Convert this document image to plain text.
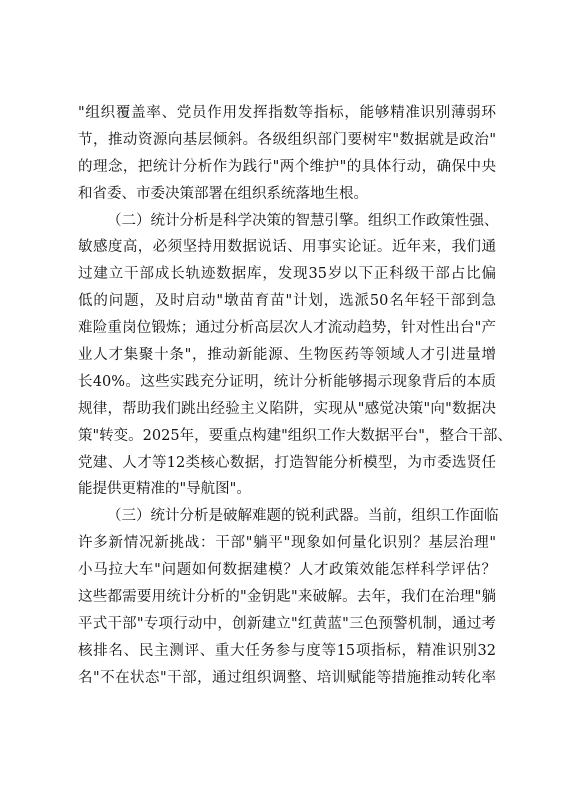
"组织覆盖率、党员作用发挥指数等指标，能够精准识别薄弱环
节，推动资源向基层倾斜。各级组织部门要树牢"数据就是政治"
的理念，把统计分析作为践行"两个维护"的具体行动，确保中央
和省委、市委决策部署在组织系统落地生根。
（二）统计分析是科学决策的智慧引擎。组织工作政策性强、
敏感度高，必须坚持用数据说话、用事实论证。近年来，我们通
过建立干部成长轨迹数据库，发现35岁以下正科级干部占比偏
低的问题，及时启动"墩苗育苗"计划，选派50名年轻干部到急
难险重岗位锻炼；通过分析高层次人才流动趋势，针对性出台"产
业人才集聚十条"，推动新能源、生物医药等领域人才引进量增
长40%。这些实践充分证明，统计分析能够揭示现象背后的本质
规律，帮助我们跳出经验主义陷阱，实现从"感觉决策"向"数据决
策"转变。2025年，要重点构建"组织工作大数据平台"，整合干部、
党建、人才等12类核心数据，打造智能分析模型，为市委选贤任
能提供更精准的"导航图"。
（三）统计分析是破解难题的锐利武器。当前，组织工作面临
许多新情况新挑战：干部"躺平"现象如何量化识别？基层治理"
小马拉大车"问题如何数据建模？人才政策效能怎样科学评估？
这些都需要用统计分析的"金钥匙"来破解。去年，我们在治理"躺
平式干部"专项行动中，创新建立"红黄蓝"三色预警机制，通过考
核排名、民主测评、重大任务参与度等15项指标，精准识别32
名"不在状态"干部，通过组织调整、培训赋能等措施推动转化率
